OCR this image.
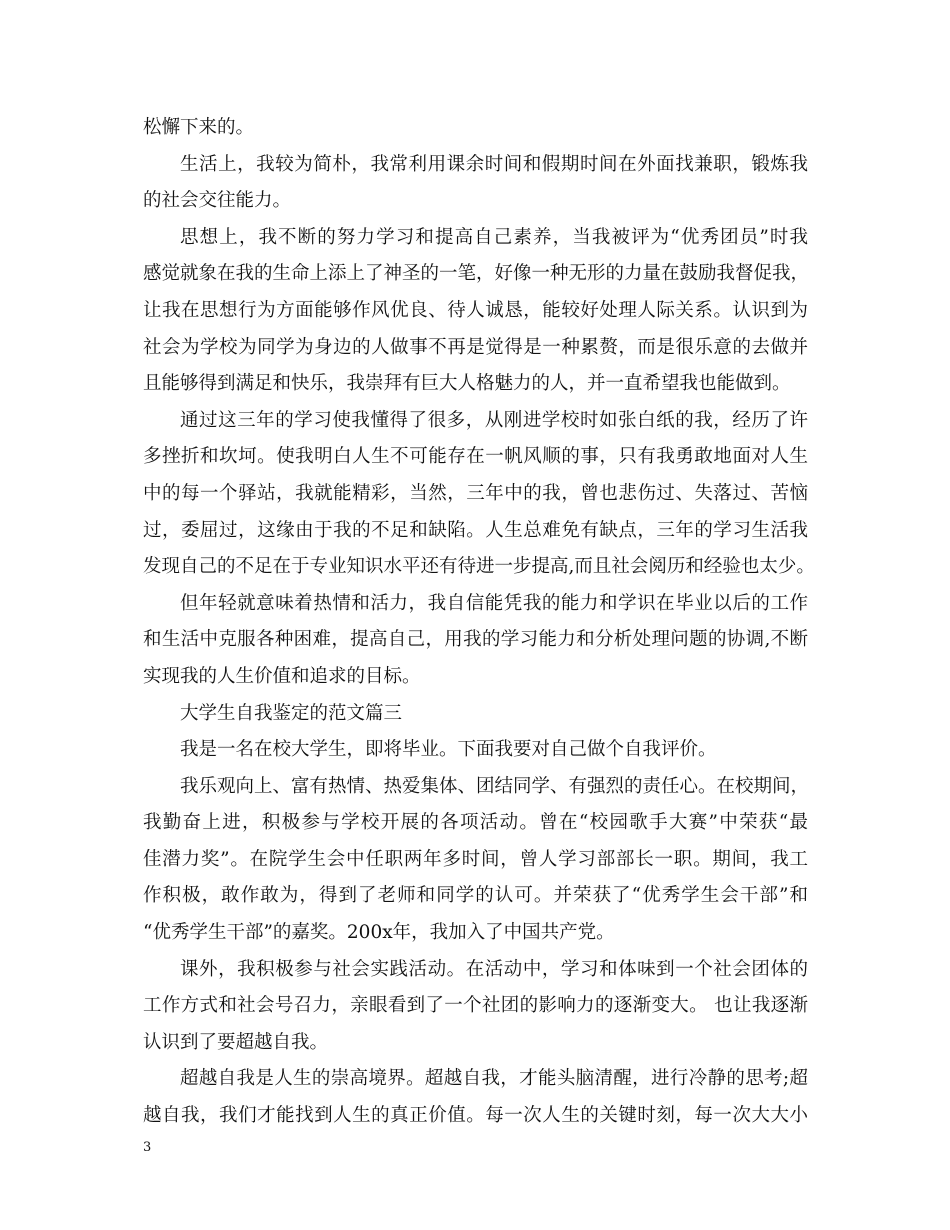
松懈下来的。
生活上，我较为简朴，我常利用课余时间和假期时间在外面找兼职，锻炼我
的社会交往能力。
思想上，我不断的努力学习和提高自己素养，当我被评为“优秀团员”时我
感觉就象在我的生命上添上了神圣的一笔，好像一种无形的力量在鼓励我督促我，
让我在思想行为方面能够作风优良、待人诚恳，能较好处理人际关系。认识到为
社会为学校为同学为身边的人做事不再是觉得是一种累赘，而是很乐意的去做并
且能够得到满足和快乐，我崇拜有巨大人格魅力的人，并一直希望我也能做到。
通过这三年的学习使我懂得了很多，从刚进学校时如张白纸的我，经历了许
多挫折和坎坷。使我明白人生不可能存在一帆风顺的事，只有我勇敢地面对人生
中的每一个驿站，我就能精彩，当然，三年中的我，曾也悲伤过、失落过、苦恼
过，委屈过，这缘由于我的不足和缺陷。人生总难免有缺点，三年的学习生活我
发现自己的不足在于专业知识水平还有待进一步提高,而且社会阅历和经验也太少。
但年轻就意味着热情和活力，我自信能凭我的能力和学识在毕业以后的工作
和生活中克服各种困难，提高自己，用我的学习能力和分析处理问题的协调,不断
实现我的人生价值和追求的目标。
大学生自我鉴定的范文篇三
我是一名在校大学生，即将毕业。下面我要对自己做个自我评价。
我乐观向上、富有热情、热爱集体、团结同学、有强烈的责任心。在校期间，
我勤奋上进，积极参与学校开展的各项活动。曾在“校园歌手大赛”中荣获“最
佳潜力奖”。在院学生会中任职两年多时间，曾人学习部部长一职。期间，我工
作积极，敢作敢为，得到了老师和同学的认可。并荣获了“优秀学生会干部”和
“优秀学生干部”的嘉奖。200x年，我加入了中国共产党。
课外，我积极参与社会实践活动。在活动中，学习和体味到一个社会团体的
工作方式和社会号召力，亲眼看到了一个社团的影响力的逐渐变大。 也让我逐渐
认识到了要超越自我。
超越自我是人生的崇高境界。超越自我，才能头脑清醒，进行冷静的思考;超
越自我，我们才能找到人生的真正价值。每一次人生的关键时刻，每一次大大小
3
